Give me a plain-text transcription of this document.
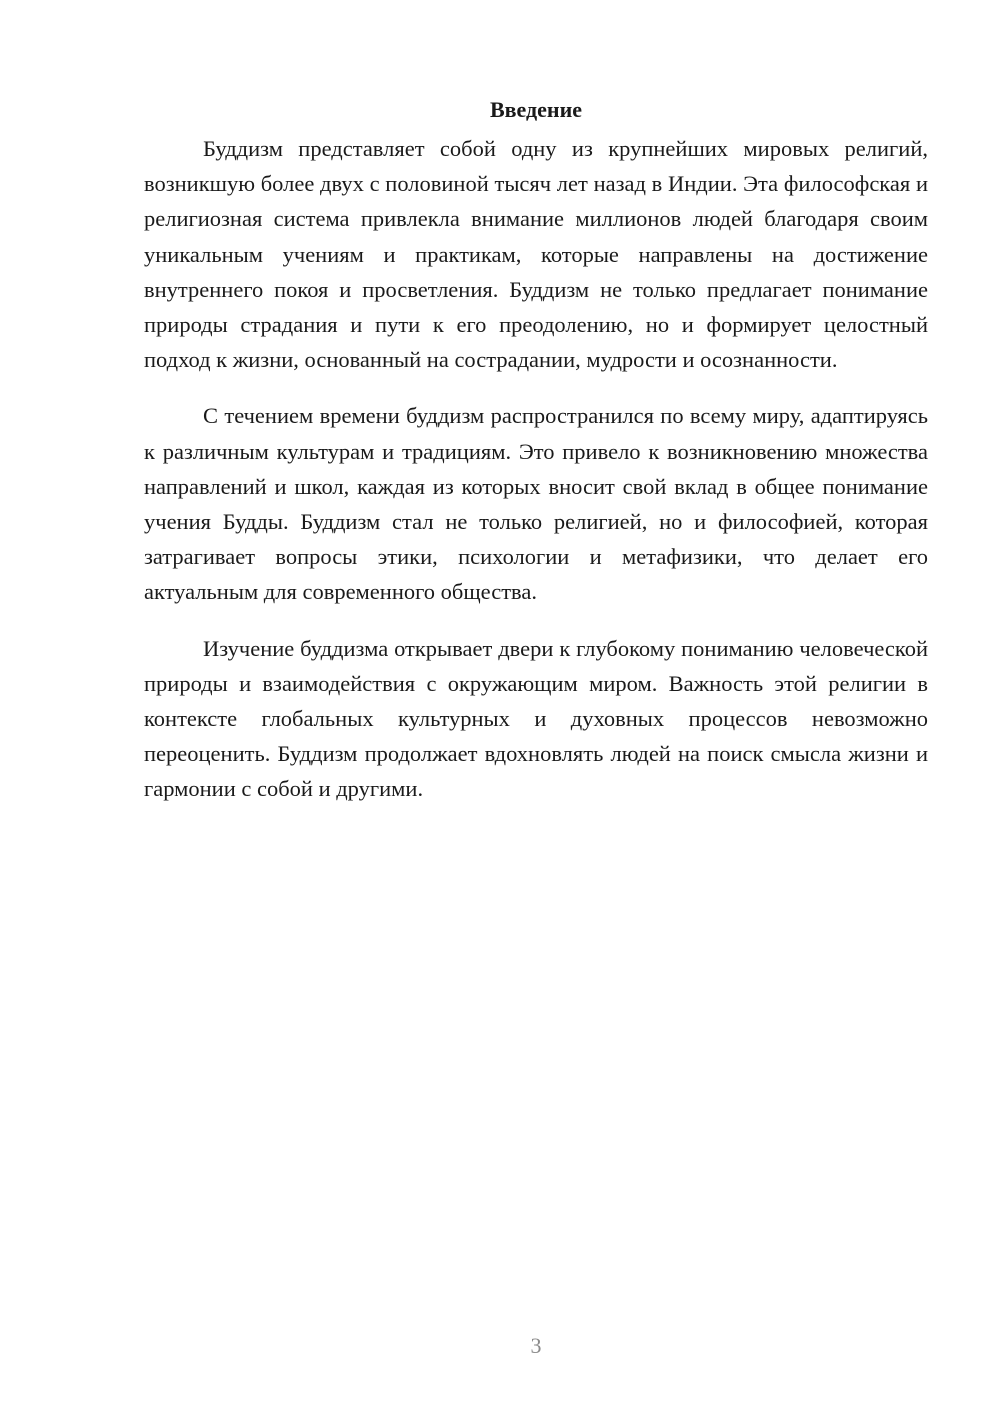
Введение

Буддизм представляет собой одну из крупнейших мировых религий, возникшую более двух с половиной тысяч лет назад в Индии. Эта философская и религиозная система привлекла внимание миллионов людей благодаря своим уникальным учениям и практикам, которые направлены на достижение внутреннего покоя и просветления. Буддизм не только предлагает понимание природы страдания и пути к его преодолению, но и формирует целостный подход к жизни, основанный на сострадании, мудрости и осознанности.

С течением времени буддизм распространился по всему миру, адаптируясь к различным культурам и традициям. Это привело к возникновению множества направлений и школ, каждая из которых вносит свой вклад в общее понимание учения Будды. Буддизм стал не только религией, но и философией, которая затрагивает вопросы этики, психологии и метафизики, что делает его актуальным для современного общества.

Изучение буддизма открывает двери к глубокому пониманию человеческой природы и взаимодействия с окружающим миром. Важность этой религии в контексте глобальных культурных и духовных процессов невозможно переоценить. Буддизм продолжает вдохновлять людей на поиск смысла жизни и гармонии с собой и другими.

3
